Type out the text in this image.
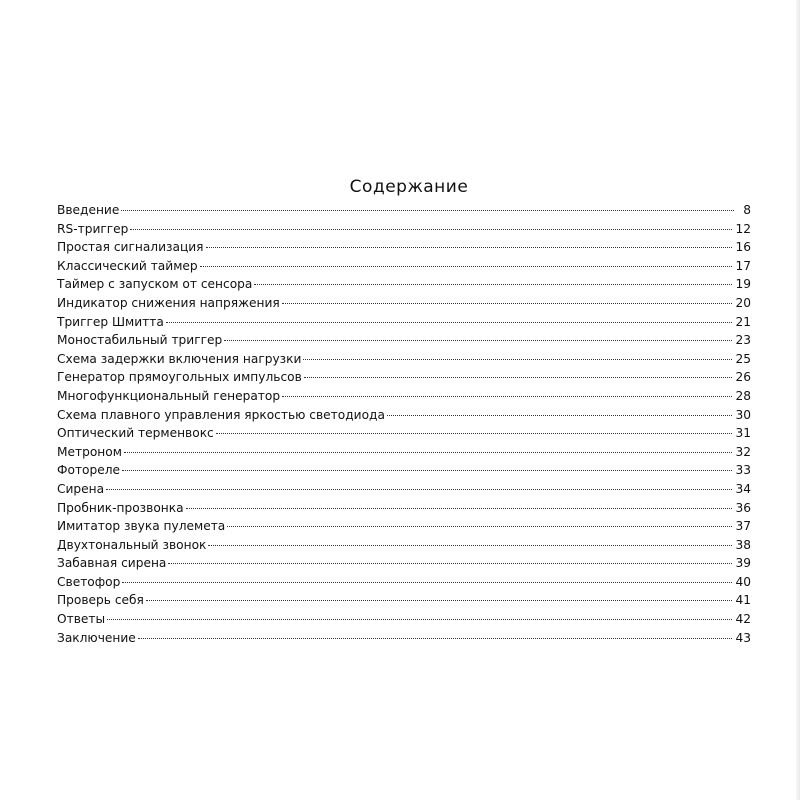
Содержание
Введение	8
RS-триггер	12
Простая сигнализация	16
Классический таймер	17
Таймер с запуском от сенсора	19
Индикатор снижения напряжения	20
Триггер Шмитта	21
Моностабильный триггер	23
Схема задержки включения нагрузки	25
Генератор прямоугольных импульсов	26
Многофункциональный генератор	28
Схема плавного управления яркостью светодиода	30
Оптический терменвокс	31
Метроном	32
Фотореле	33
Сирена	34
Пробник-прозвонка	36
Имитатор звука пулемета	37
Двухтональный звонок	38
Забавная сирена	39
Светофор	40
Проверь себя	41
Ответы	42
Заключение	43
